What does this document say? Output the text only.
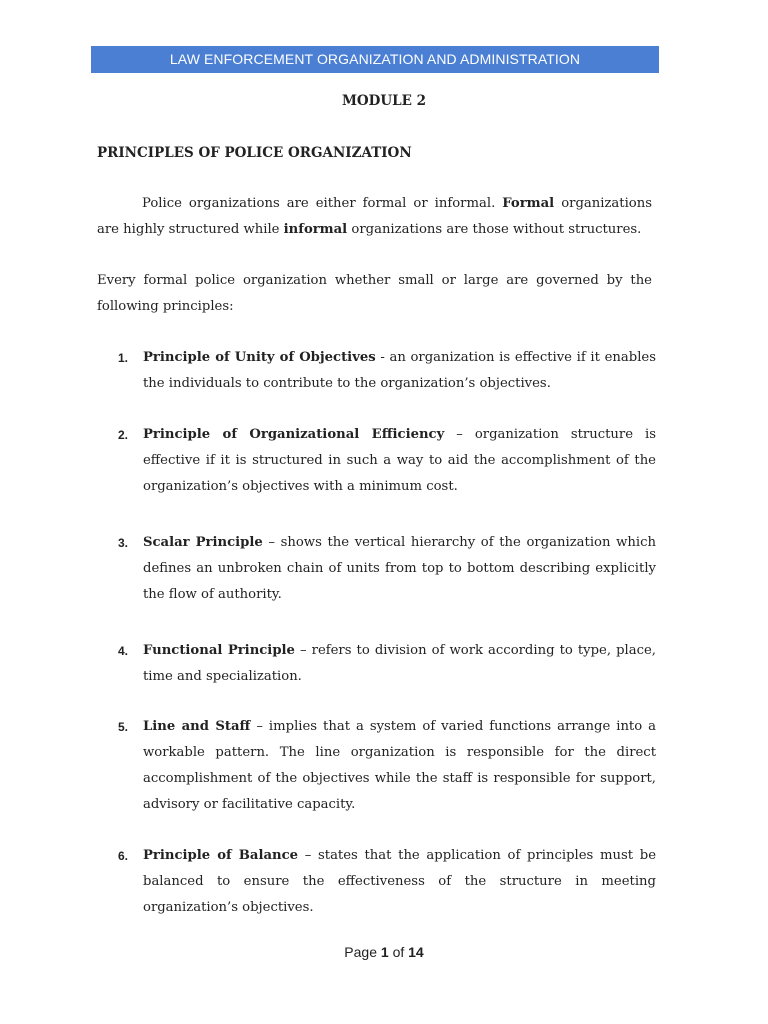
LAW ENFORCEMENT ORGANIZATION AND ADMINISTRATION
MODULE 2
PRINCIPLES OF POLICE ORGANIZATION
Police organizations are either formal or informal. Formal organizations are highly structured while informal organizations are those without structures.
Every formal police organization whether small or large are governed by the following principles:
1. Principle of Unity of Objectives - an organization is effective if it enables the individuals to contribute to the organization’s objectives.
2. Principle of Organizational Efficiency – organization structure is effective if it is structured in such a way to aid the accomplishment of the organization’s objectives with a minimum cost.
3. Scalar Principle – shows the vertical hierarchy of the organization which defines an unbroken chain of units from top to bottom describing explicitly the flow of authority.
4. Functional Principle – refers to division of work according to type, place, time and specialization.
5. Line and Staff – implies that a system of varied functions arrange into a workable pattern. The line organization is responsible for the direct accomplishment of the objectives while the staff is responsible for support, advisory or facilitative capacity.
6. Principle of Balance – states that the application of principles must be balanced to ensure the effectiveness of the structure in meeting organization’s objectives.
Page 1 of 14
